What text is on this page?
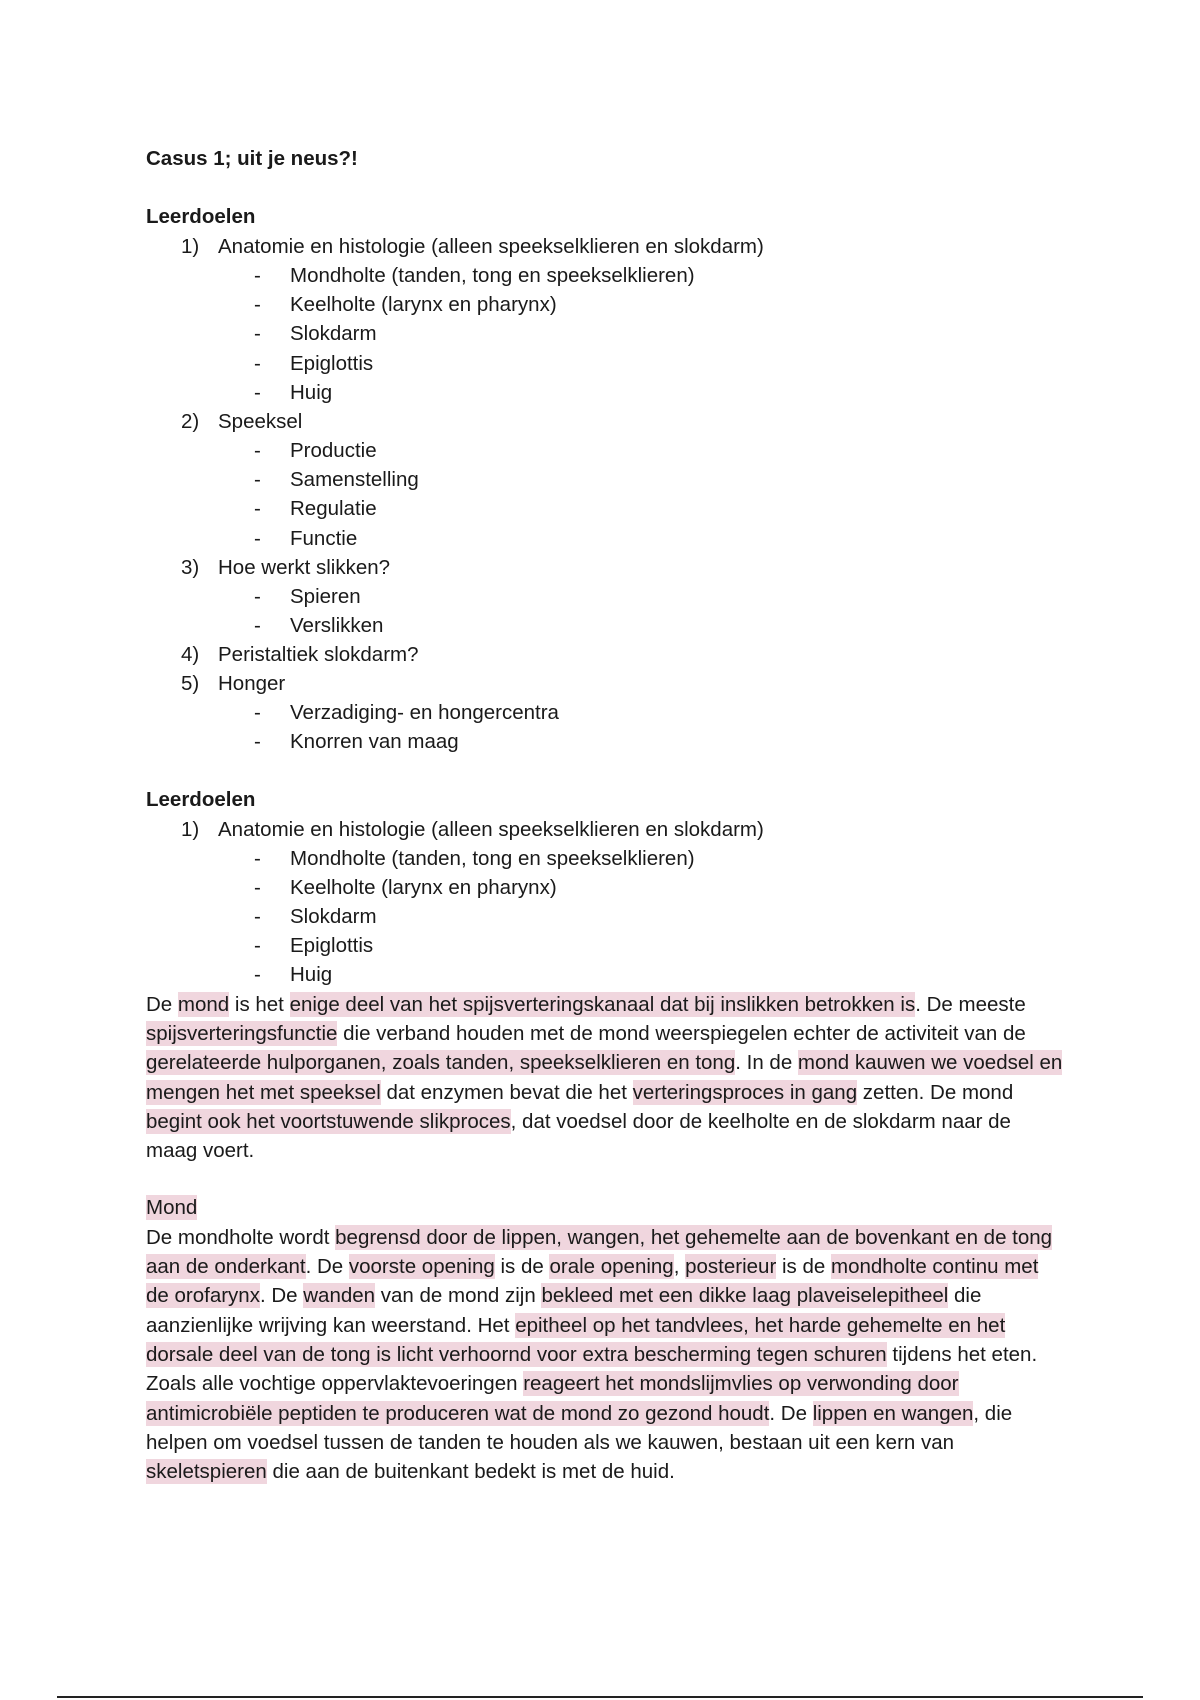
Casus 1; uit je neus?!

Leerdoelen

1) Anatomie en histologie (alleen speekselklieren en slokdarm)
- Mondholte (tanden, tong en speekselklieren)
- Keelholte (larynx en pharynx)
- Slokdarm
- Epiglottis
- Huig
2) Speeksel
- Productie
- Samenstelling
- Regulatie
- Functie
3) Hoe werkt slikken?
- Spieren
- Verslikken
4) Peristaltiek slokdarm?
5) Honger
- Verzadiging- en hongercentra
- Knorren van maag

Leerdoelen

1) Anatomie en histologie (alleen speekselklieren en slokdarm)
- Mondholte (tanden, tong en speekselklieren)
- Keelholte (larynx en pharynx)
- Slokdarm
- Epiglottis
- Huig

De mond is het enige deel van het spijsverteringskanaal dat bij inslikken betrokken is. De meeste spijsverteringsfunctie die verband houden met de mond weerspiegelen echter de activiteit van de gerelateerde hulporganen, zoals tanden, speekselklieren en tong. In de mond kauwen we voedsel en mengen het met speeksel dat enzymen bevat die het verteringsproces in gang zetten. De mond begint ook het voortstuwende slikproces, dat voedsel door de keelholte en de slokdarm naar de maag voert.

Mond

De mondholte wordt begrensd door de lippen, wangen, het gehemelte aan de bovenkant en de tong aan de onderkant. De voorste opening is de orale opening, posterieur is de mondholte continu met de orofarynx. De wanden van de mond zijn bekleed met een dikke laag plaveiselepitheel die aanzienlijke wrijving kan weerstand. Het epitheel op het tandvlees, het harde gehemelte en het dorsale deel van de tong is licht verhoornd voor extra bescherming tegen schuren tijdens het eten. Zoals alle vochtige oppervlaktevoeringen reageert het mondslijmvlies op verwonding door antimicrobiële peptiden te produceren wat de mond zo gezond houdt. De lippen en wangen, die helpen om voedsel tussen de tanden te houden als we kauwen, bestaan uit een kern van skeletspieren die aan de buitenkant bedekt is met de huid.
